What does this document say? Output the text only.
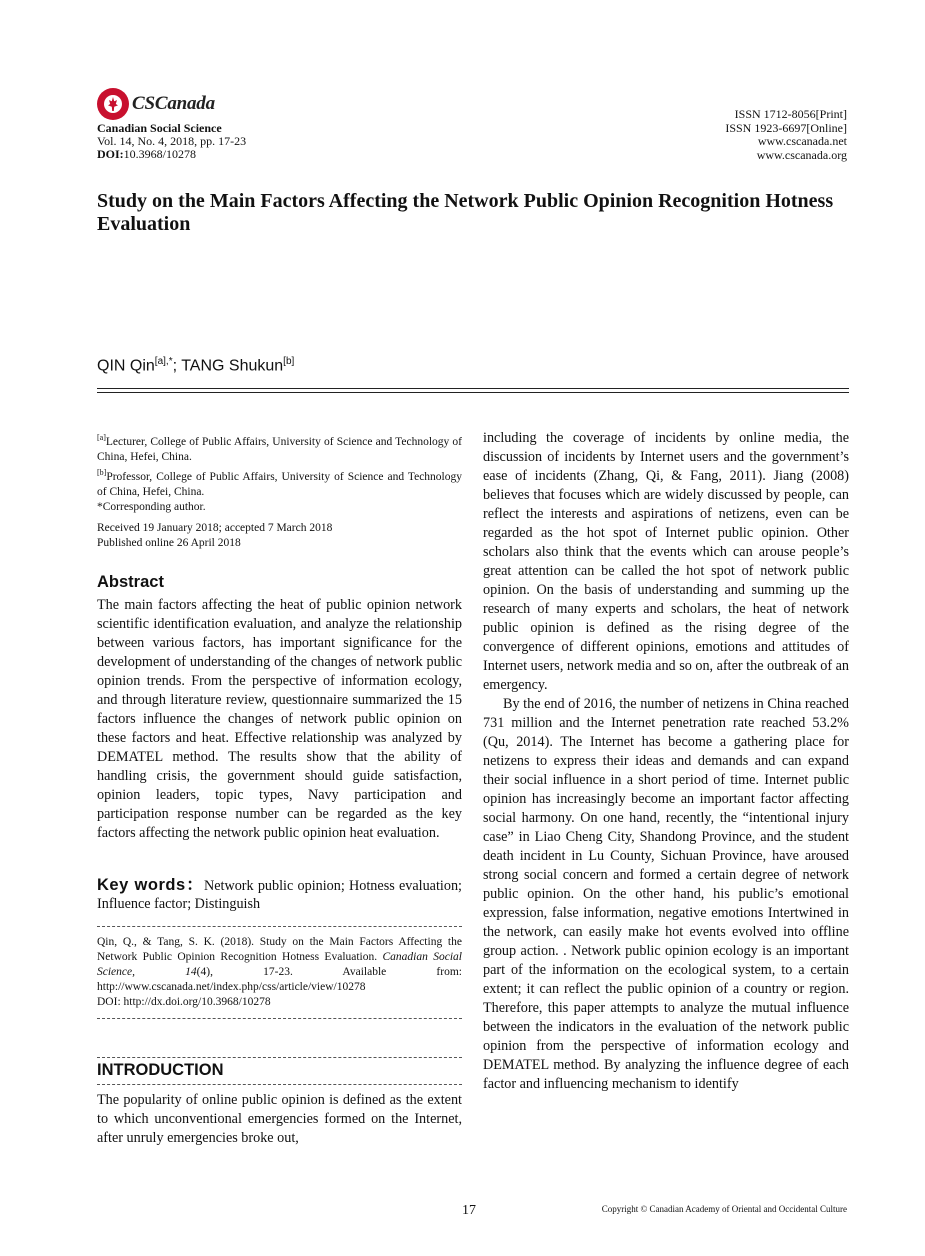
CSCanada
Canadian Social Science
Vol. 14, No. 4, 2018, pp. 17-23
DOI:10.3968/10278
ISSN 1712-8056[Print]
ISSN 1923-6697[Online]
www.cscanada.net
www.cscanada.org
Study on the Main Factors Affecting the Network Public Opinion Recognition Hotness Evaluation
QIN Qin$^{[a],*}$; TANG Shukun[b]
[a]Lecturer, College of Public Affairs, University of Science and Technology of China, Hefei, China.
[b]Professor, College of Public Affairs, University of Science and Technology of China, Hefei, China.
*Corresponding author.
Received 19 January 2018; accepted 7 March 2018
Published online 26 April 2018
Abstract
The main factors affecting the heat of public opinion network scientific identification evaluation, and analyze the relationship between various factors, has important significance for the development of understanding of the changes of network public opinion trends. From the perspective of information ecology, and through literature review, questionnaire summarized the 15 factors influence the changes of network public opinion on these factors and heat. Effective relationship was analyzed by DEMATEL method. The results show that the ability of handling crisis, the government should guide satisfaction, opinion leaders, topic types, Navy participation and participation response number can be regarded as the key factors affecting the network public opinion heat evaluation.
Key words：Network public opinion; Hotness evaluation; Influence factor; Distinguish
Qin, Q., & Tang, S. K. (2018). Study on the Main Factors Affecting the Network Public Opinion Recognition Hotness Evaluation. Canadian Social Science, 14(4), 17-23. Available from: http://www.cscanada.net/index.php/css/article/view/10278
DOI: http://dx.doi.org/10.3968/10278
INTRODUCTION
The popularity of online public opinion is defined as the extent to which unconventional emergencies formed on the Internet, after unruly emergencies broke out,

including the coverage of incidents by online media, the discussion of incidents by Internet users and the government’s ease of incidents (Zhang, Qi, & Fang, 2011). Jiang (2008) believes that focuses which are widely discussed by people, can reflect the interests and aspirations of netizens, even can be regarded as the hot spot of Internet public opinion. Other scholars also think that the events which can arouse people’s great attention can be called the hot spot of network public opinion. On the basis of understanding and summing up the research of many experts and scholars, the heat of network public opinion is defined as the rising degree of the convergence of different opinions, emotions and attitudes of Internet users, network media and so on, after the outbreak of an emergency.

By the end of 2016, the number of netizens in China reached 731 million and the Internet penetration rate reached 53.2% (Qu, 2014). The Internet has become a gathering place for netizens to express their ideas and demands and can expand their social influence in a short period of time. Internet public opinion has increasingly become an important factor affecting social harmony. On one hand, recently, the “intentional injury case” in Liao Cheng City, Shandong Province, and the student death incident in Lu County, Sichuan Province, have aroused strong social concern and formed a certain degree of network public opinion. On the other hand, his public’s emotional expression, false information, negative emotions Intertwined in the network, can easily make hot events evolved into offline group action. . Network public opinion ecology is an important part of the information on the ecological system, to a certain extent; it can reflect the public opinion of a country or region. Therefore, this paper attempts to analyze the mutual influence between the indicators in the evaluation of the network public opinion from the perspective of information ecology and DEMATEL method. By analyzing the influence degree of each factor and influencing mechanism to identify

17	Copyright © Canadian Academy of Oriental and Occidental Culture
